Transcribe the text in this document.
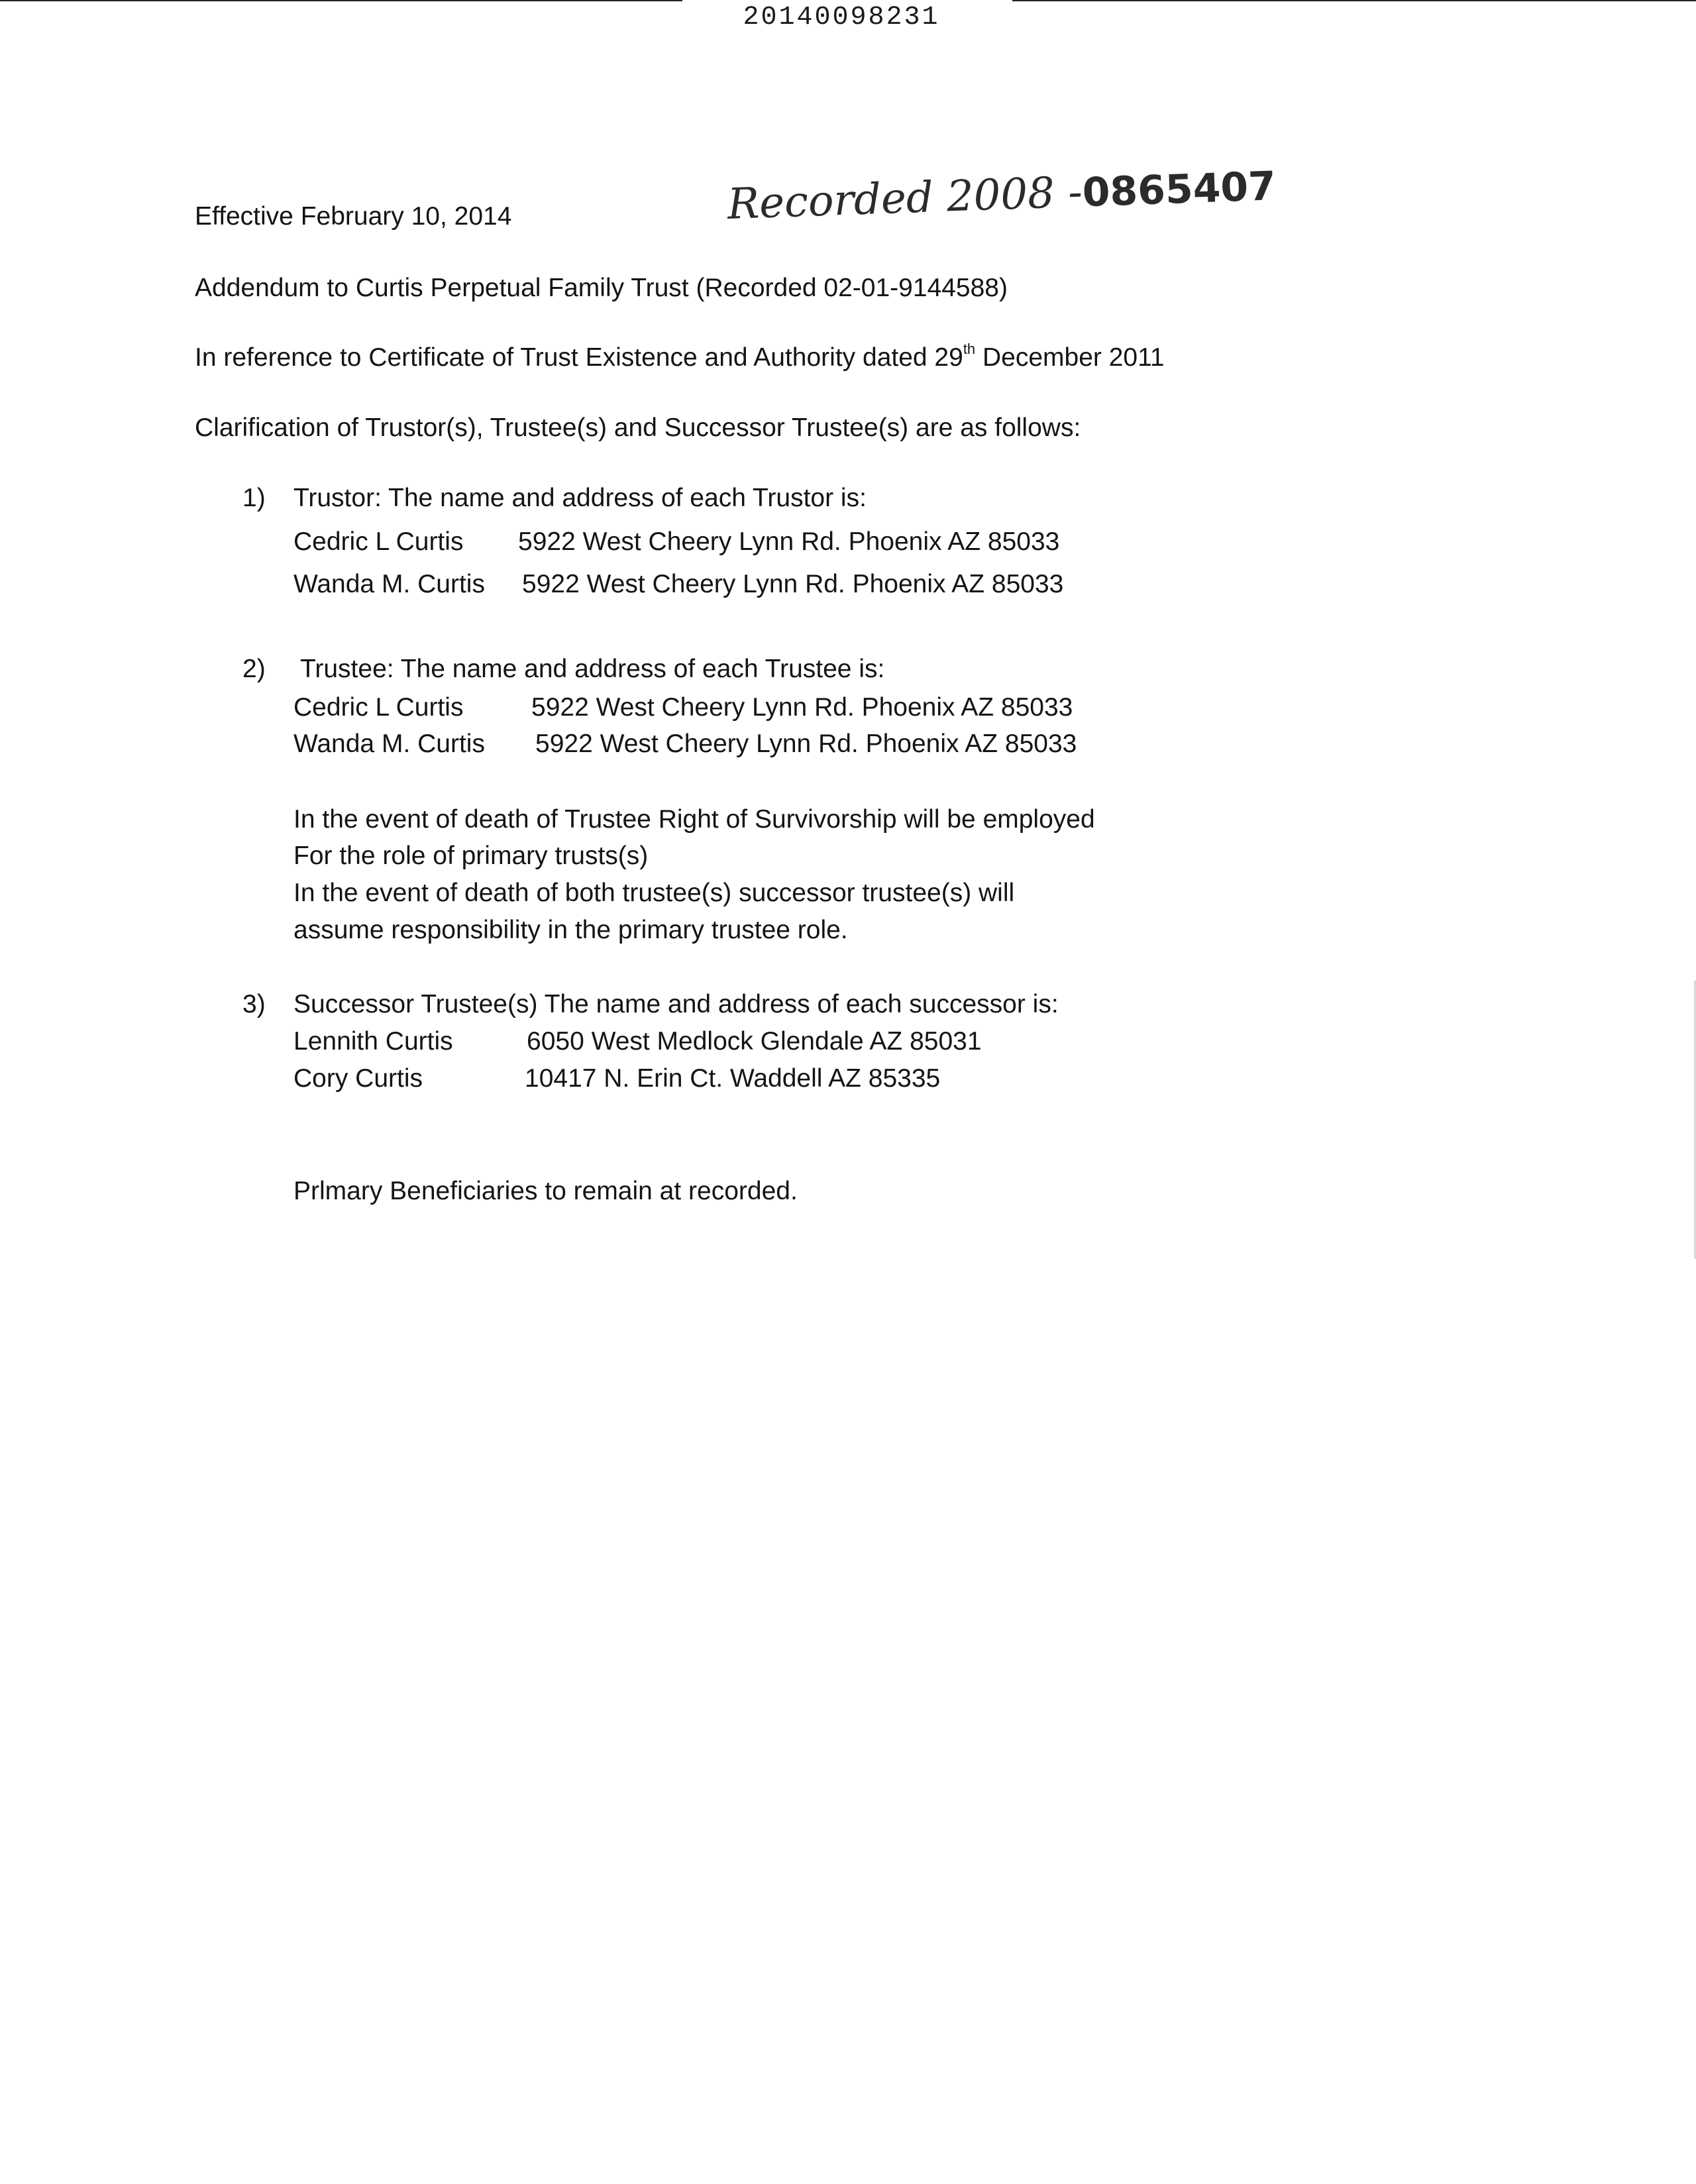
20140098231
Effective February 10, 2014	Recorded 2008 -0865407
Addendum to Curtis Perpetual Family Trust (Recorded 02-01-9144588)
In reference to Certificate of Trust Existence and Authority dated 29th December 2011
Clarification of Trustor(s), Trustee(s) and Successor Trustee(s) are as follows:
1) Trustor: The name and address of each Trustor is:
Cedric L Curtis 5922 West Cheery Lynn Rd. Phoenix AZ 85033
Wanda M. Curtis 5922 West Cheery Lynn Rd. Phoenix AZ 85033
2) Trustee: The name and address of each Trustee is:
Cedric L Curtis	5922 West Cheery Lynn Rd. Phoenix AZ 85033
Wanda M. Curtis 5922 West Cheery Lynn Rd. Phoenix AZ 85033
In the event of death of Trustee Right of Survivorship will be employed
For the role of primary trusts(s)
In the event of death of both trustee(s) successor trustee(s) will
assume responsibility in the primary trustee role.
3) Successor Trustee(s) The name and address of each successor is:
Lennith Curtis	6050 West Medlock Glendale AZ 85031
Cory Curtis	10417 N. Erin Ct. Waddell AZ 85335
Prlmary Beneficiaries to remain at recorded.
